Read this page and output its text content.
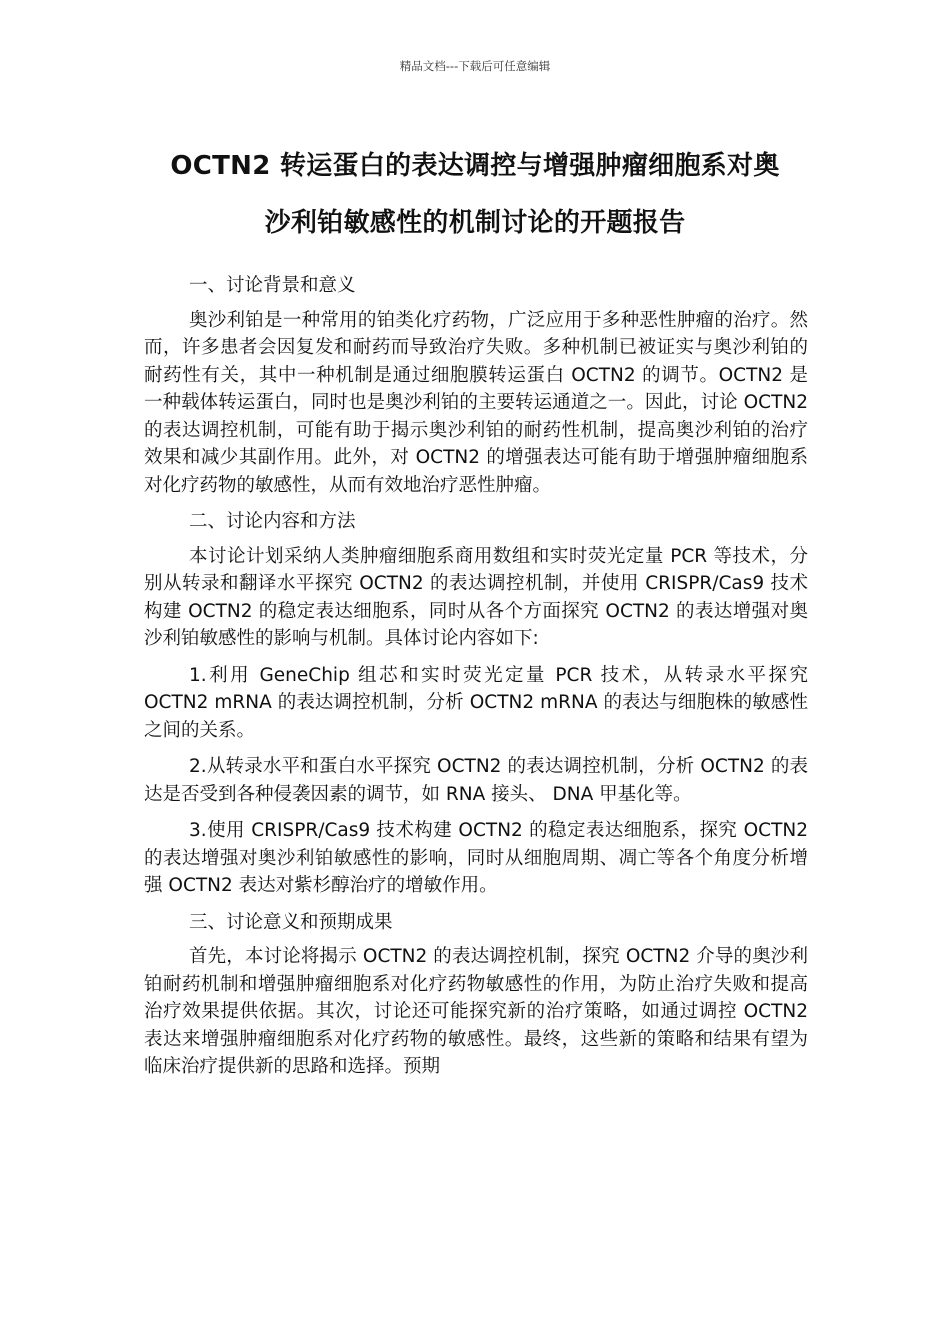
精品文档---下载后可任意编辑
OCTN2 转运蛋白的表达调控与增强肿瘤细胞系对奥
沙利铂敏感性的机制讨论的开题报告

一、讨论背景和意义

奥沙利铂是一种常用的铂类化疗药物，广泛应用于多种恶性肿瘤的治疗。然而，许多患者会因复发和耐药而导致治疗失败。多种机制已被证实与奥沙利铂的耐药性有关，其中一种机制是通过细胞膜转运蛋白 OCTN2 的调节。OCTN2 是一种载体转运蛋白，同时也是奥沙利铂的主要转运通道之一。因此，讨论 OCTN2 的表达调控机制，可能有助于揭示奥沙利铂的耐药性机制，提高奥沙利铂的治疗效果和减少其副作用。此外，对 OCTN2 的增强表达可能有助于增强肿瘤细胞系对化疗药物的敏感性，从而有效地治疗恶性肿瘤。

二、讨论内容和方法

本讨论计划采纳人类肿瘤细胞系商用数组和实时荧光定量 PCR 等技术，分别从转录和翻译水平探究 OCTN2 的表达调控机制，并使用 CRISPR/Cas9 技术构建 OCTN2 的稳定表达细胞系，同时从各个方面探究 OCTN2 的表达增强对奥沙利铂敏感性的影响与机制。具体讨论内容如下:

1.利用 GeneChip 组芯和实时荧光定量 PCR 技术，从转录水平探究 OCTN2 mRNA 的表达调控机制，分析 OCTN2 mRNA 的表达与细胞株的敏感性之间的关系。

2.从转录水平和蛋白水平探究 OCTN2 的表达调控机制，分析 OCTN2 的表达是否受到各种侵袭因素的调节，如 RNA 接头、 DNA 甲基化等。

3.使用 CRISPR/Cas9 技术构建 OCTN2 的稳定表达细胞系，探究 OCTN2 的表达增强对奥沙利铂敏感性的影响，同时从细胞周期、凋亡等各个角度分析增强 OCTN2 表达对紫杉醇治疗的增敏作用。

三、讨论意义和预期成果

首先，本讨论将揭示 OCTN2 的表达调控机制，探究 OCTN2 介导的奥沙利铂耐药机制和增强肿瘤细胞系对化疗药物敏感性的作用，为防止治疗失败和提高治疗效果提供依据。其次，讨论还可能探究新的治疗策略，如通过调控 OCTN2 表达来增强肿瘤细胞系对化疗药物的敏感性。最终，这些新的策略和结果有望为临床治疗提供新的思路和选择。预期
